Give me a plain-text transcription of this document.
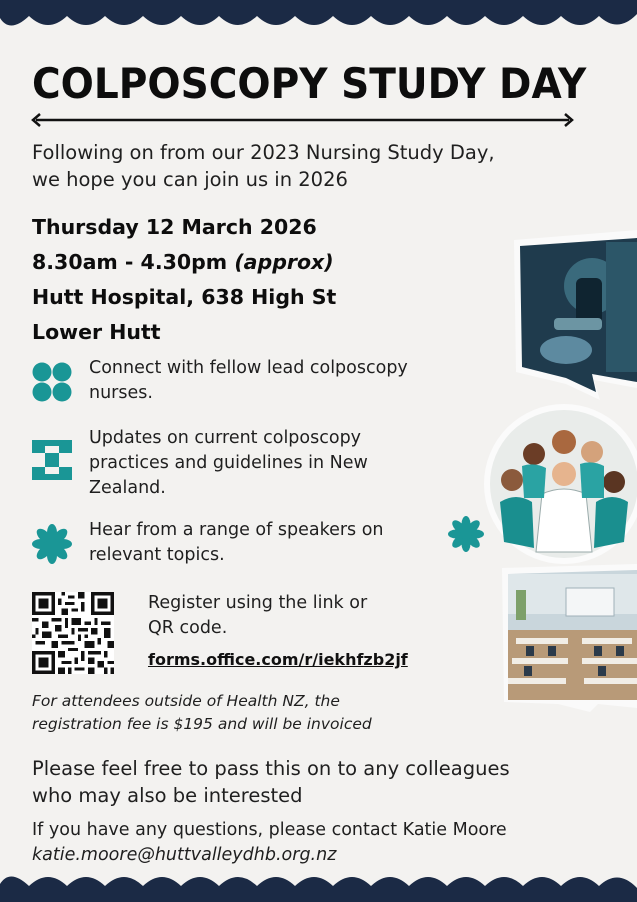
COLPOSCOPY STUDY DAY
Following on from our 2023 Nursing Study Day,
we hope you can join us in 2026
Thursday 12 March 2026
8.30am - 4.30pm (approx)
Hutt Hospital, 638 High St
Lower Hutt
Connect with fellow lead colposcopy
nurses.
Updates on current colposcopy
practices and guidelines in New
Zealand.
Hear from a range of speakers on
relevant topics.
Register using the link or
QR code.
forms.office.com/r/iekhfzb2jf
For attendees outside of Health NZ, the
registration fee is $195 and will be invoiced
Please feel free to pass this on to any colleagues
who may also be interested
If you have any questions, please contact Katie Moore
katie.moore@huttvalleydhb.org.nz
